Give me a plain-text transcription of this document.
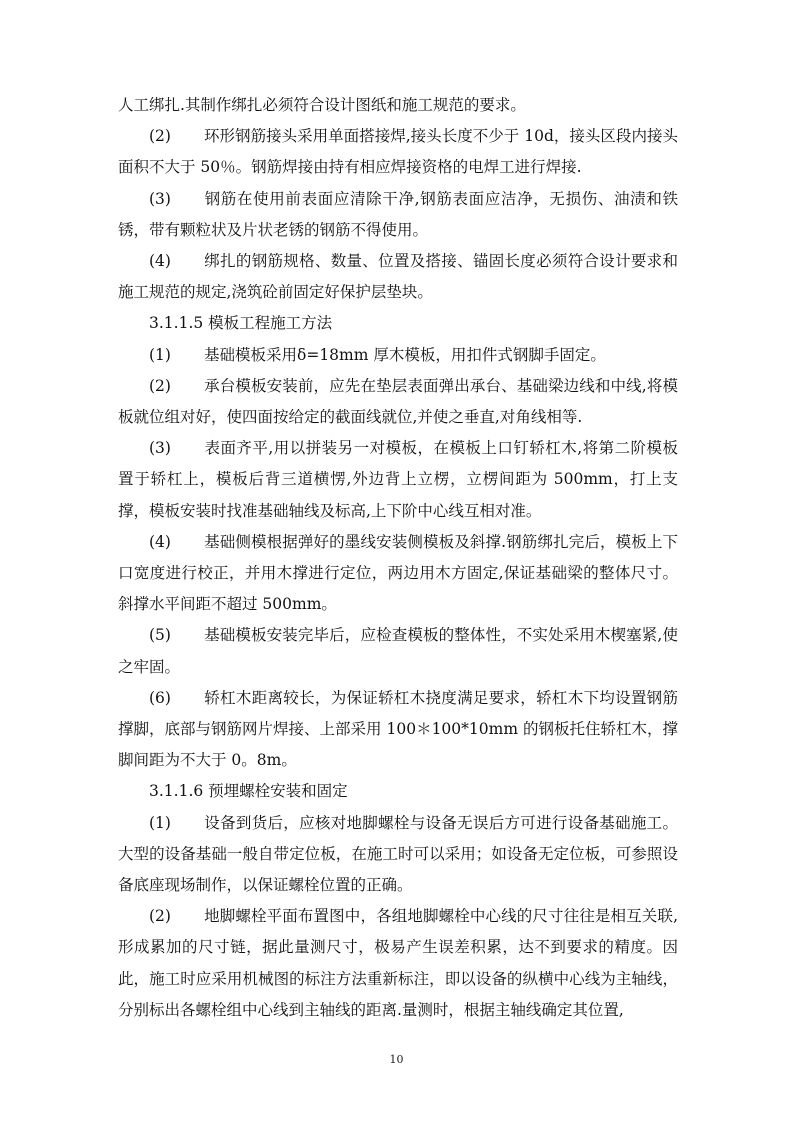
人工绑扎.其制作绑扎必须符合设计图纸和施工规范的要求。

(2) 环形钢筋接头采用单面搭接焊,接头长度不少于 10d，接头区段内接头面积不大于 50％。钢筋焊接由持有相应焊接资格的电焊工进行焊接.

(3) 钢筋在使用前表面应清除干净,钢筋表面应洁净，无损伤、油渍和铁锈，带有颗粒状及片状老锈的钢筋不得使用。

(4) 绑扎的钢筋规格、数量、位置及搭接、锚固长度必须符合设计要求和施工规范的规定,浇筑砼前固定好保护层垫块。

3.1.1.5 模板工程施工方法

(1) 基础模板采用δ=18mm 厚木模板，用扣件式钢脚手固定。

(2) 承台模板安装前，应先在垫层表面弹出承台、基础梁边线和中线,将模板就位组对好，使四面按给定的截面线就位,并使之垂直,对角线相等.

(3) 表面齐平,用以拼装另一对模板，在模板上口钉轿杠木,将第二阶模板置于轿杠上，模板后背三道横愣,外边背上立楞，立楞间距为 500mm，打上支撑，模板安装时找准基础轴线及标高,上下阶中心线互相对准。

(4) 基础侧模根据弹好的墨线安装侧模板及斜撑.钢筋绑扎完后，模板上下口宽度进行校正，并用木撑进行定位，两边用木方固定,保证基础梁的整体尺寸。斜撑水平间距不超过 500mm。

(5) 基础模板安装完毕后，应检查模板的整体性，不实处采用木楔塞紧,使之牢固。

(6) 轿杠木距离较长，为保证轿杠木挠度满足要求，轿杠木下均设置钢筋撑脚，底部与钢筋网片焊接、上部采用 100＊100*10mm 的钢板托住轿杠木，撑脚间距为不大于 0。8m。

3.1.1.6 预埋螺栓安装和固定

(1) 设备到货后，应核对地脚螺栓与设备无误后方可进行设备基础施工。大型的设备基础一般自带定位板，在施工时可以采用；如设备无定位板，可参照设备底座现场制作，以保证螺栓位置的正确。

(2) 地脚螺栓平面布置图中，各组地脚螺栓中心线的尺寸往往是相互关联,形成累加的尺寸链，据此量测尺寸，极易产生误差积累，达不到要求的精度。因此，施工时应采用机械图的标注方法重新标注，即以设备的纵横中心线为主轴线，分别标出各螺栓组中心线到主轴线的距离.量测时，根据主轴线确定其位置,

10
